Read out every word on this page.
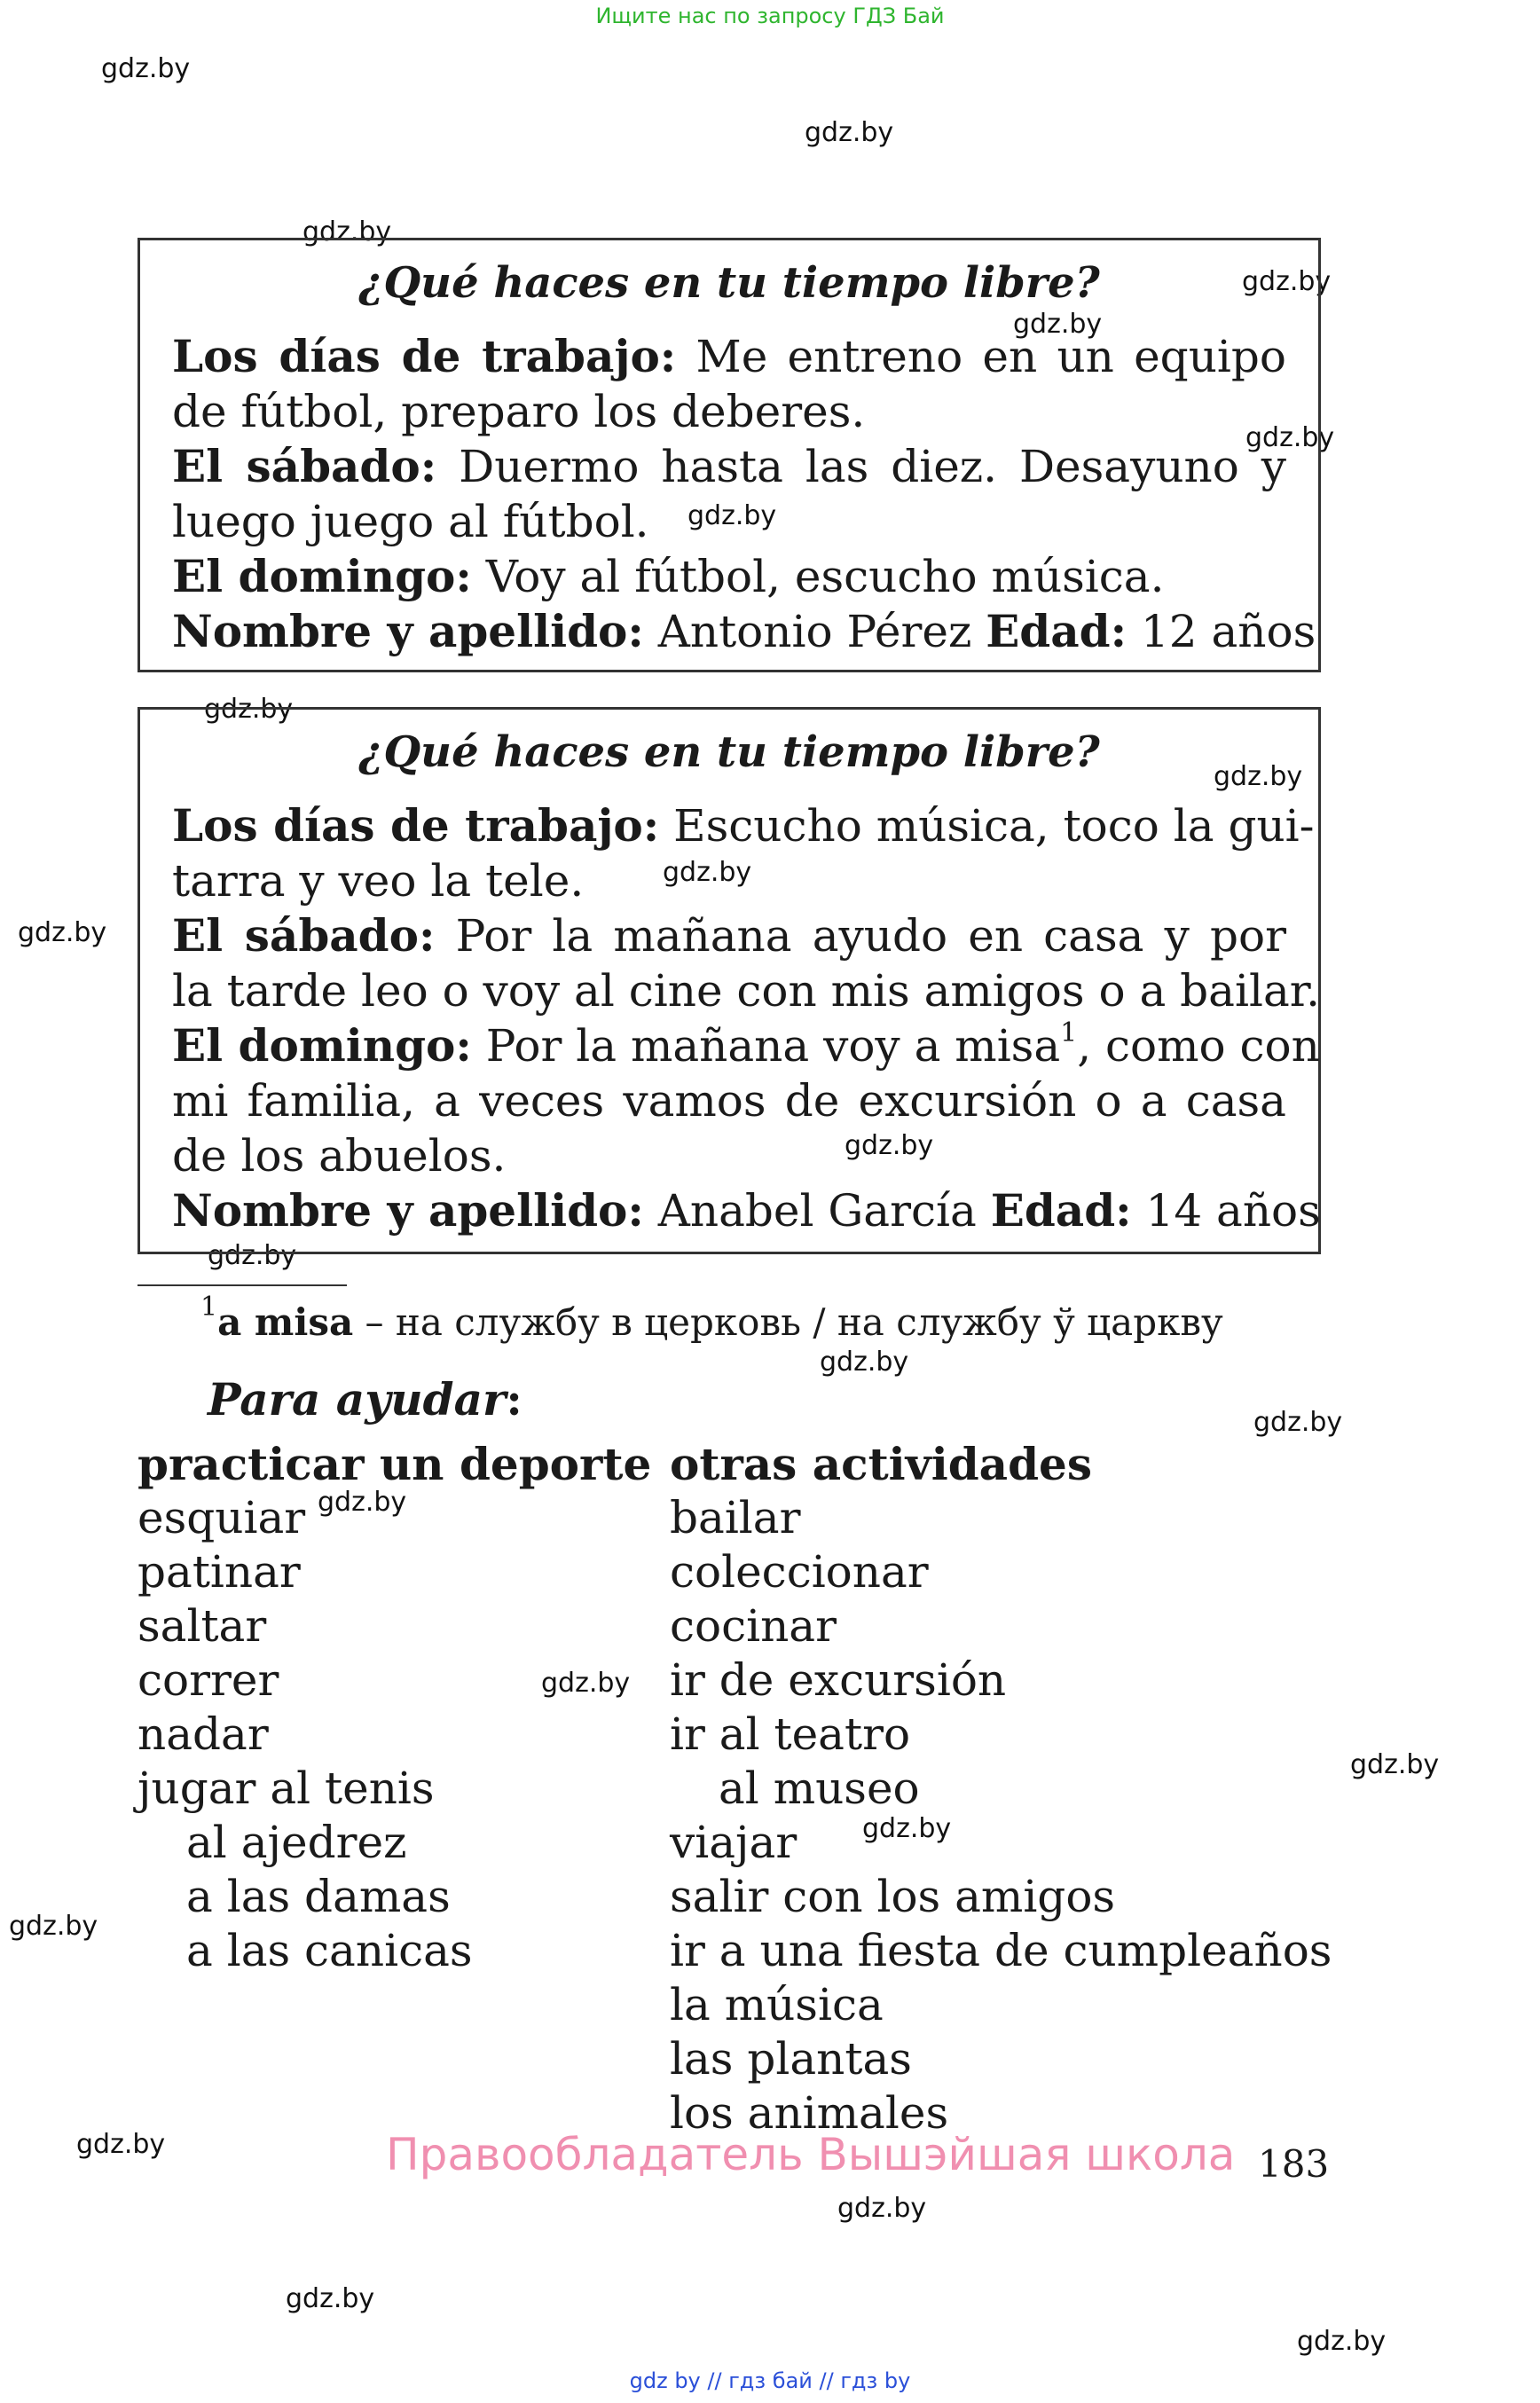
Ищите нас по запросу ГДЗ Бай
gdz.by
gdz.by
gdz.by
gdz.by
gdz.by
gdz.by
gdz.by
gdz.by
gdz.by
gdz.by
gdz.by
gdz.by
gdz.by
gdz.by
gdz.by
gdz.by
gdz.by
gdz.by
gdz.by
gdz.by
gdz.by
gdz.by
gdz.by
gdz.by
¿Qué haces en tu tiempo libre?
Los días de trabajo: Me entreno en un equipo
de fútbol, preparo los deberes.
El sábado: Duermo hasta las diez. Desayuno y
luego juego al fútbol.
El domingo: Voy al fútbol, escucho música.
Nombre y apellido: Antonio Pérez Edad: 12 años
¿Qué haces en tu tiempo libre?
Los días de trabajo: Escucho música, toco la gui-
tarra y veo la tele.
El sábado: Por la mañana ayudo en casa y por
la tarde leo o voy al cine con mis amigos o a bailar.
El domingo: Por la mañana voy a misa$^1$, como con
mi familia, a veces vamos de excursión o a casa
de los abuelos.
Nombre y apellido: Anabel García Edad: 14 años
$^1$a misa – на службу в церковь / на службу ў царкву
Para ayudar:
practicar un deporte
esquiar
patinar
saltar
correr
nadar
jugar al tenis
al ajedrez
a las damas
a las canicas
otras actividades
bailar
coleccionar
cocinar
ir de excursión
ir al teatro
al museo
viajar
salir con los amigos
ir a una fiesta de cumpleaños
la música
las plantas
los animales
Правообладатель Вышэйшая школа 183
gdz by // гдз бай // гдз by
